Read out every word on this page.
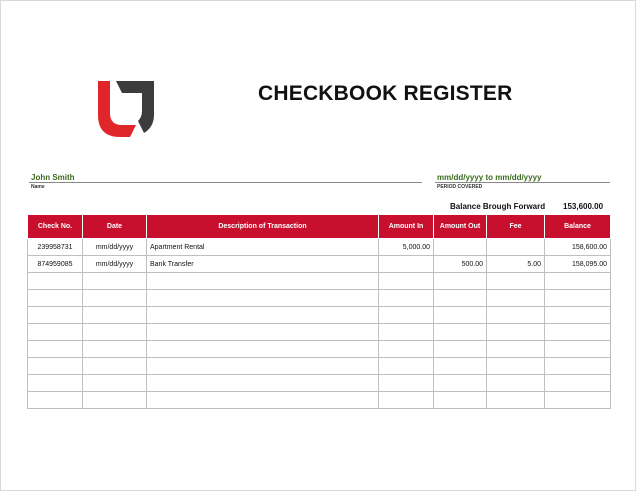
CHECKBOOK REGISTER
John Smith
Name
mm/dd/yyyy to mm/dd/yyyy
PERIOD COVERED
Balance Brough Forward 153,600.00
Check No.	Date	Description of Transaction	Amount In	Amount Out	Fee	Balance
239958731	mm/dd/yyyy	Apartment Rental	5,000.00			158,600.00
874959085	mm/dd/yyyy	Bank Transfer		500.00	5.00	158,095.00
